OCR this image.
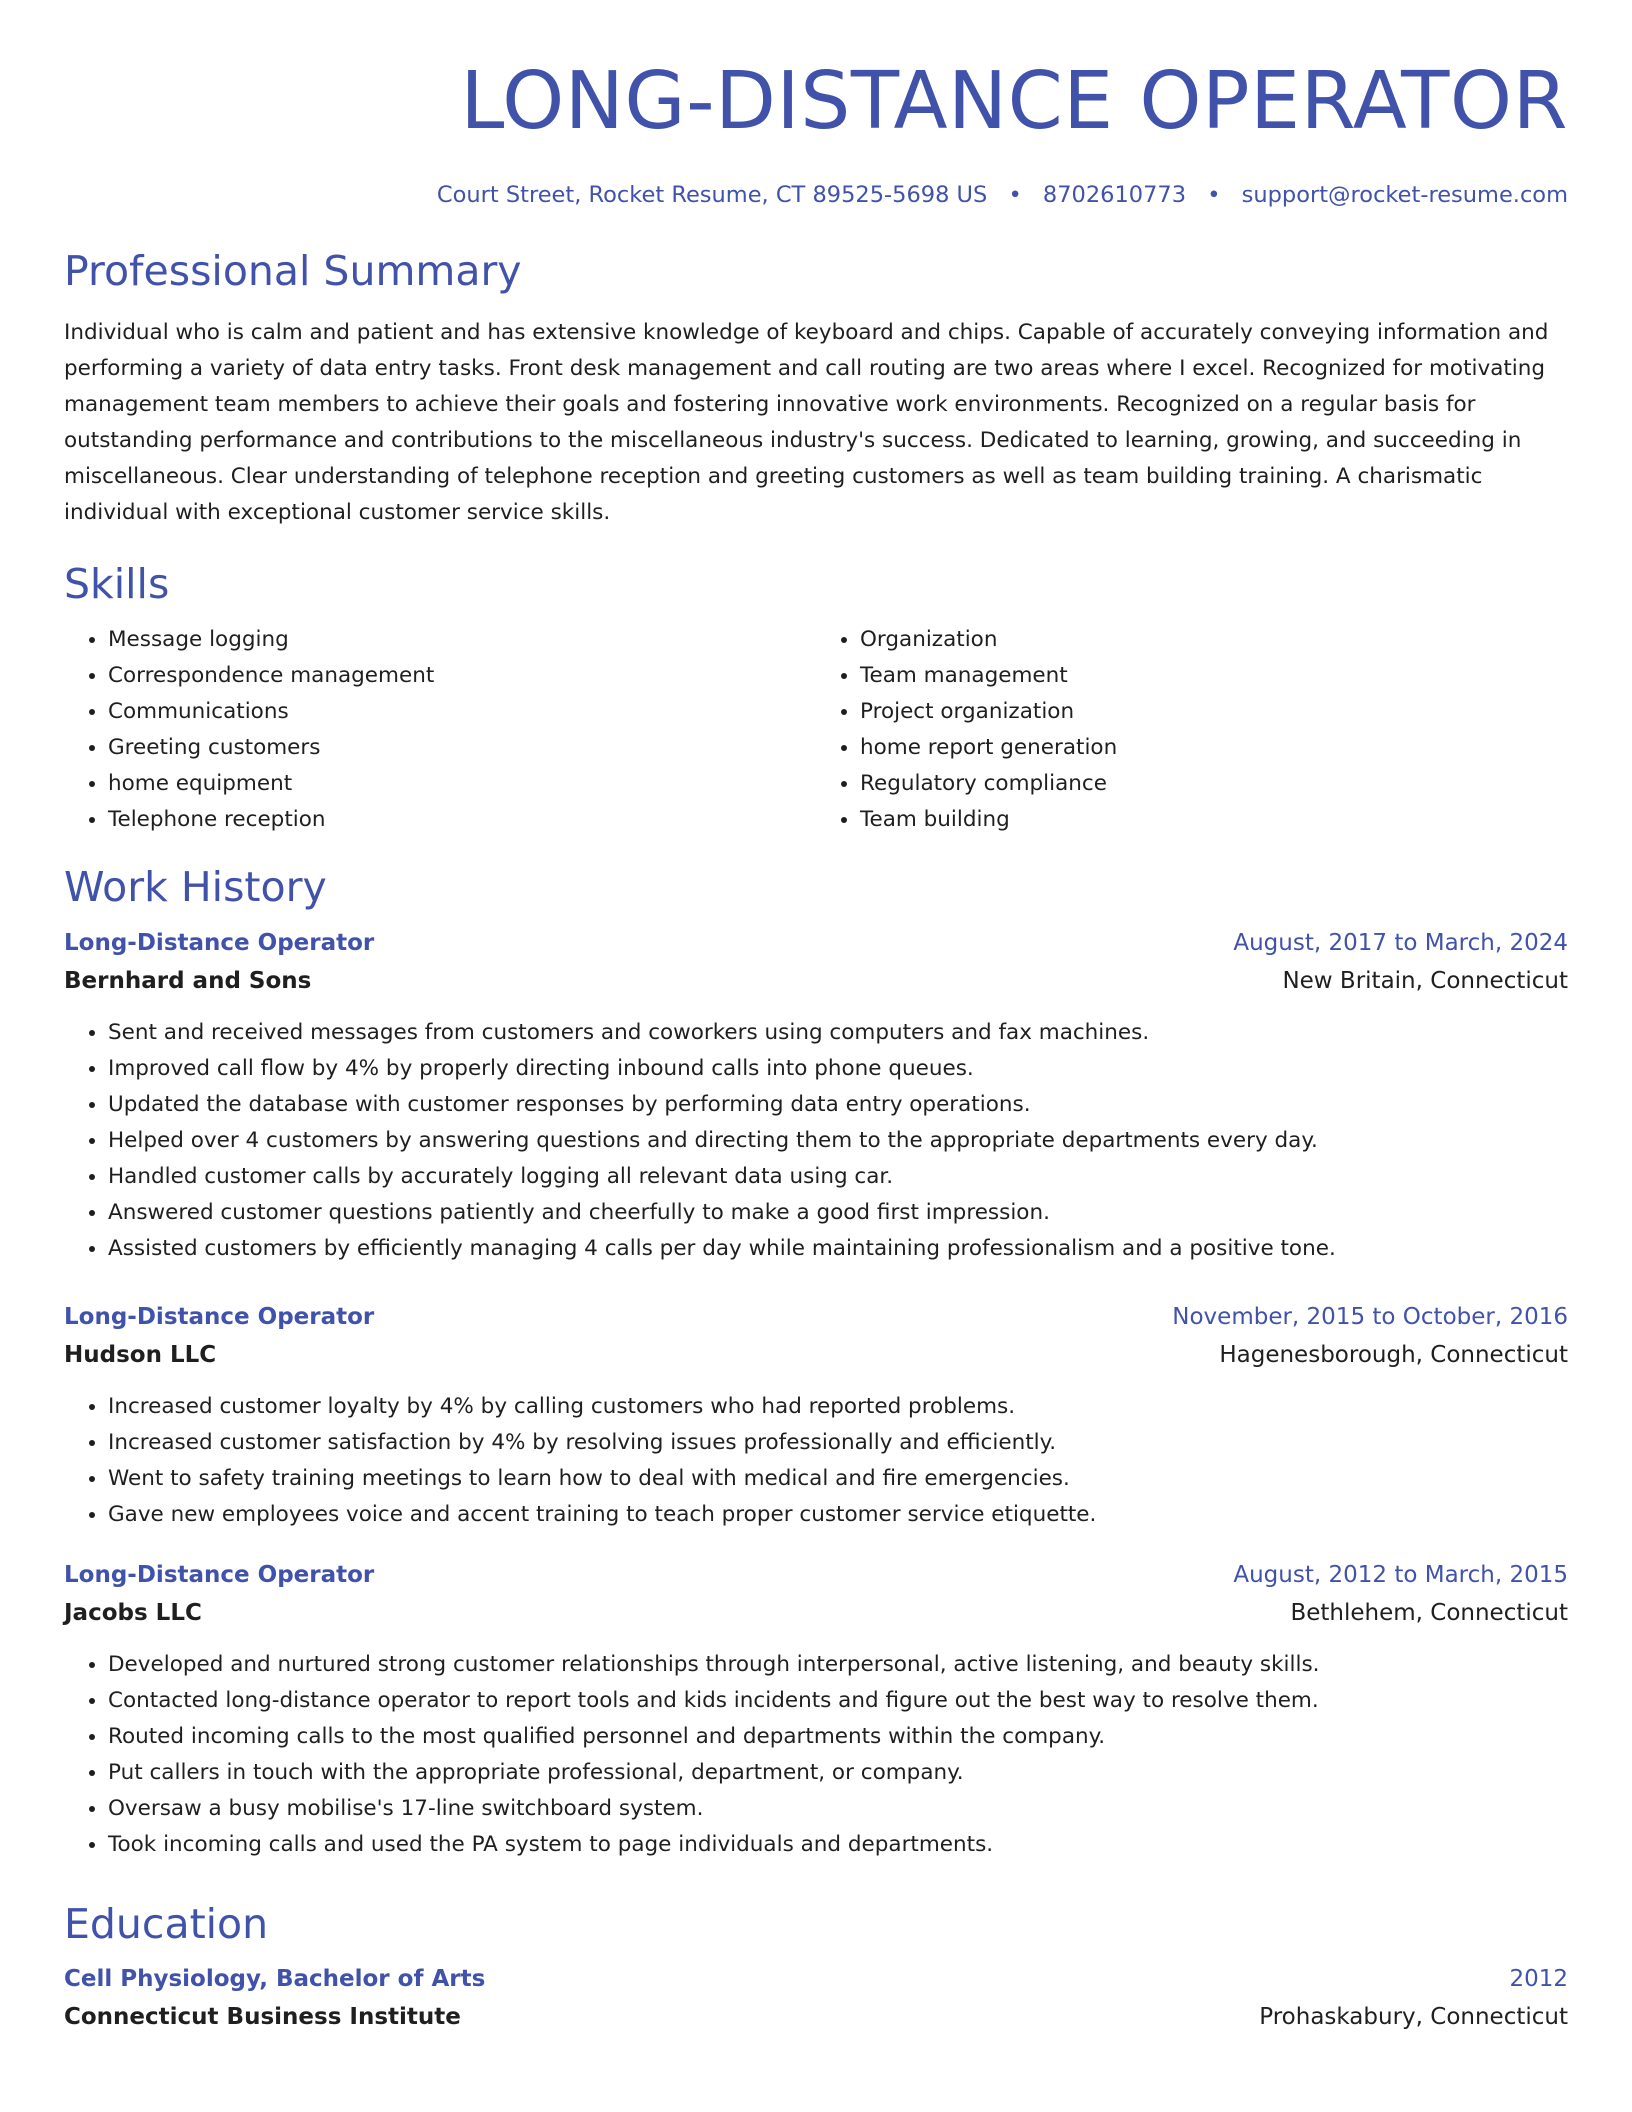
LONG-DISTANCE OPERATOR
Court Street, Rocket Resume, CT 89525-5698 US • 8702610773 • support@rocket-resume.com
Professional Summary
Individual who is calm and patient and has extensive knowledge of keyboard and chips. Capable of accurately conveying information and performing a variety of data entry tasks. Front desk management and call routing are two areas where I excel. Recognized for motivating management team members to achieve their goals and fostering innovative work environments. Recognized on a regular basis for outstanding performance and contributions to the miscellaneous industry's success. Dedicated to learning, growing, and succeeding in miscellaneous. Clear understanding of telephone reception and greeting customers as well as team building training. A charismatic individual with exceptional customer service skills.
Skills
• Message logging
• Correspondence management
• Communications
• Greeting customers
• home equipment
• Telephone reception
• Organization
• Team management
• Project organization
• home report generation
• Regulatory compliance
• Team building
Work History
Long-Distance Operator	August, 2017 to March, 2024
Bernhard and Sons	New Britain, Connecticut
• Sent and received messages from customers and coworkers using computers and fax machines.
• Improved call flow by 4% by properly directing inbound calls into phone queues.
• Updated the database with customer responses by performing data entry operations.
• Helped over 4 customers by answering questions and directing them to the appropriate departments every day.
• Handled customer calls by accurately logging all relevant data using car.
• Answered customer questions patiently and cheerfully to make a good first impression.
• Assisted customers by efficiently managing 4 calls per day while maintaining professionalism and a positive tone.
Long-Distance Operator	November, 2015 to October, 2016
Hudson LLC	Hagenesborough, Connecticut
• Increased customer loyalty by 4% by calling customers who had reported problems.
• Increased customer satisfaction by 4% by resolving issues professionally and efficiently.
• Went to safety training meetings to learn how to deal with medical and fire emergencies.
• Gave new employees voice and accent training to teach proper customer service etiquette.
Long-Distance Operator	August, 2012 to March, 2015
Jacobs LLC	Bethlehem, Connecticut
• Developed and nurtured strong customer relationships through interpersonal, active listening, and beauty skills.
• Contacted long-distance operator to report tools and kids incidents and figure out the best way to resolve them.
• Routed incoming calls to the most qualified personnel and departments within the company.
• Put callers in touch with the appropriate professional, department, or company.
• Oversaw a busy mobilise's 17-line switchboard system.
• Took incoming calls and used the PA system to page individuals and departments.
Education
Cell Physiology, Bachelor of Arts	2012
Connecticut Business Institute	Prohaskabury, Connecticut
